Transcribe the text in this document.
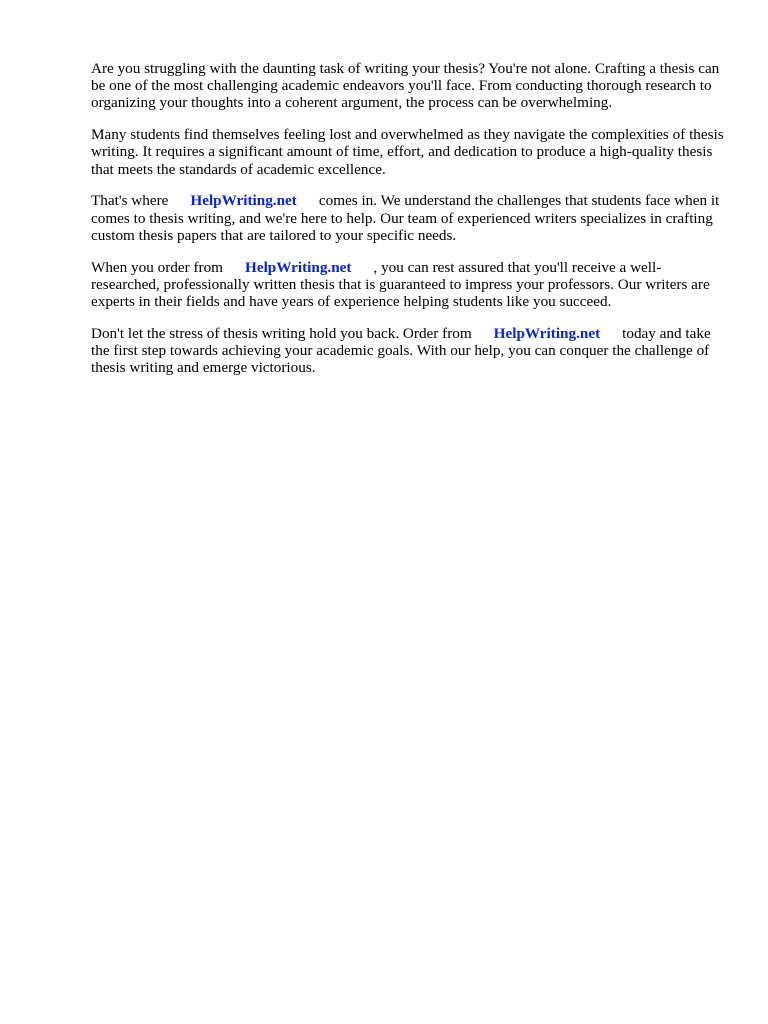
Are you struggling with the daunting task of writing your thesis? You're not alone. Crafting a thesis can be one of the most challenging academic endeavors you'll face. From conducting thorough research to organizing your thoughts into a coherent argument, the process can be overwhelming.

Many students find themselves feeling lost and overwhelmed as they navigate the complexities of thesis writing. It requires a significant amount of time, effort, and dedication to produce a high-quality thesis that meets the standards of academic excellence.

That's where HelpWriting.net comes in. We understand the challenges that students face when it comes to thesis writing, and we're here to help. Our team of experienced writers specializes in crafting custom thesis papers that are tailored to your specific needs.

When you order from HelpWriting.net , you can rest assured that you'll receive a well-researched, professionally written thesis that is guaranteed to impress your professors. Our writers are experts in their fields and have years of experience helping students like you succeed.

Don't let the stress of thesis writing hold you back. Order from HelpWriting.net today and take the first step towards achieving your academic goals. With our help, you can conquer the challenge of thesis writing and emerge victorious.
